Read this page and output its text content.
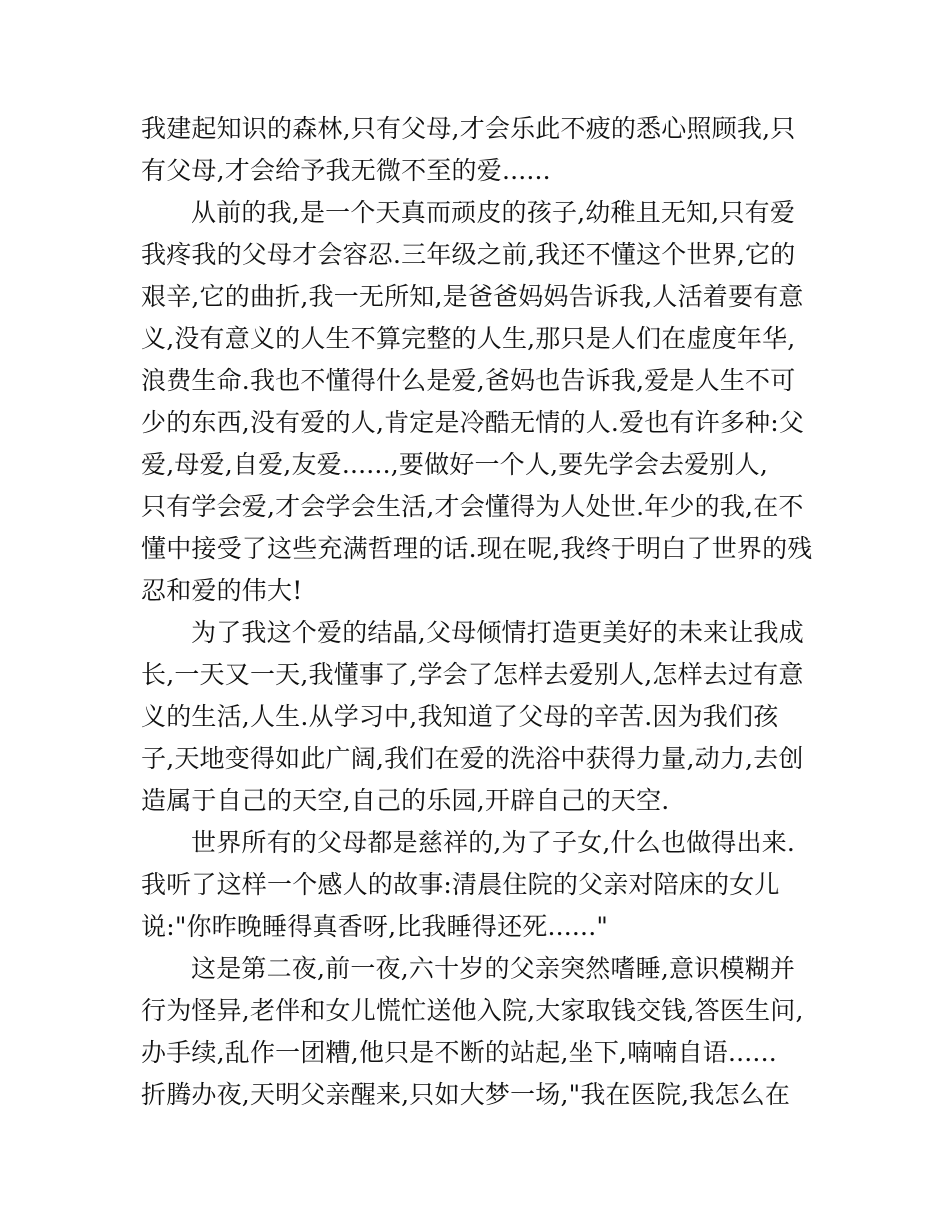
我建起知识的森林,只有父母,才会乐此不疲的悉心照顾我,只
有父母,才会给予我无微不至的爱......
从前的我,是一个天真而顽皮的孩子,幼稚且无知,只有爱
我疼我的父母才会容忍.三年级之前,我还不懂这个世界,它的
艰辛,它的曲折,我一无所知,是爸爸妈妈告诉我,人活着要有意
义,没有意义的人生不算完整的人生,那只是人们在虚度年华,
浪费生命.我也不懂得什么是爱,爸妈也告诉我,爱是人生不可
少的东西,没有爱的人,肯定是冷酷无情的人.爱也有许多种:父
爱,母爱,自爱,友爱......,要做好一个人,要先学会去爱别人,
只有学会爱,才会学会生活,才会懂得为人处世.年少的我,在不
懂中接受了这些充满哲理的话.现在呢,我终于明白了世界的残
忍和爱的伟大!
为了我这个爱的结晶,父母倾情打造更美好的未来让我成
长,一天又一天,我懂事了,学会了怎样去爱别人,怎样去过有意
义的生活,人生.从学习中,我知道了父母的辛苦.因为我们孩
子,天地变得如此广阔,我们在爱的洗浴中获得力量,动力,去创
造属于自己的天空,自己的乐园,开辟自己的天空.
世界所有的父母都是慈祥的,为了子女,什么也做得出来.
我听了这样一个感人的故事:清晨住院的父亲对陪床的女儿
说:"你昨晚睡得真香呀,比我睡得还死......"
这是第二夜,前一夜,六十岁的父亲突然嗜睡,意识模糊并
行为怪异,老伴和女儿慌忙送他入院,大家取钱交钱,答医生问,
办手续,乱作一团糟,他只是不断的站起,坐下,喃喃自语......
折腾办夜,天明父亲醒来,只如大梦一场,"我在医院,我怎么在
